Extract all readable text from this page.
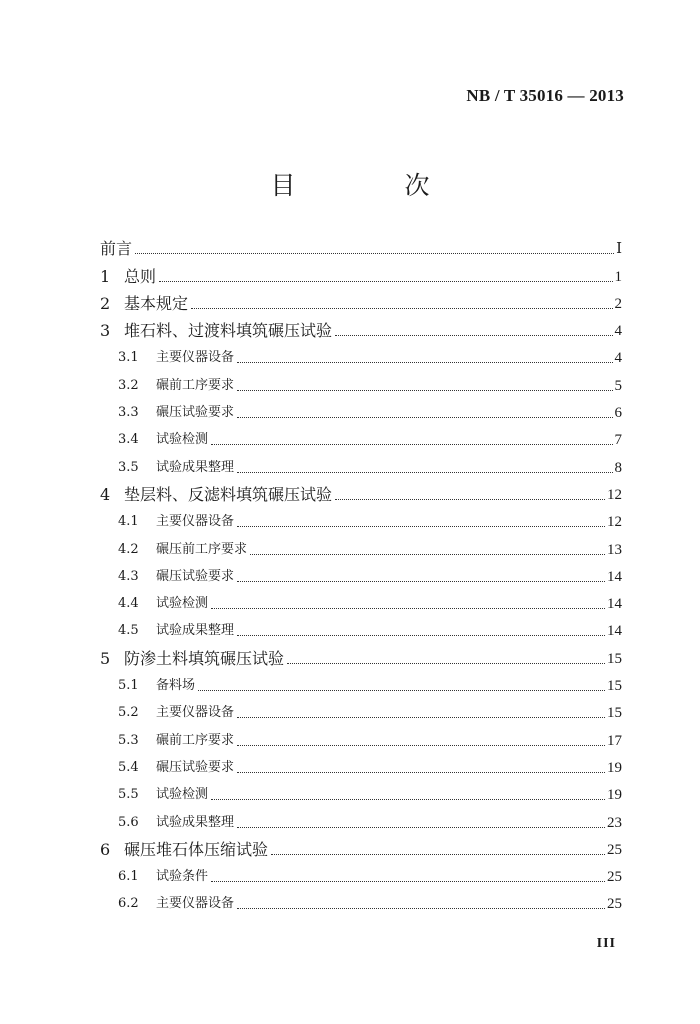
NB / T 35016 — 2013
目　次
前言	Ⅰ
1 总则	1
2 基本规定	2
3 堆石料、过渡料填筑碾压试验	4
3.1	主要仪器设备	4
3.2	碾前工序要求	5
3.3	碾压试验要求	6
3.4	试验检测	7
3.5	试验成果整理	8
4 垫层料、反滤料填筑碾压试验	12
4.1	主要仪器设备	12
4.2	碾压前工序要求	13
4.3	碾压试验要求	14
4.4	试验检测	14
4.5	试验成果整理	14
5 防渗土料填筑碾压试验	15
5.1	备料场	15
5.2	主要仪器设备	15
5.3	碾前工序要求	17
5.4	碾压试验要求	19
5.5	试验检测	19
5.6	试验成果整理	23
6 碾压堆石体压缩试验	25
6.1	试验条件	25
6.2	主要仪器设备	25
III
